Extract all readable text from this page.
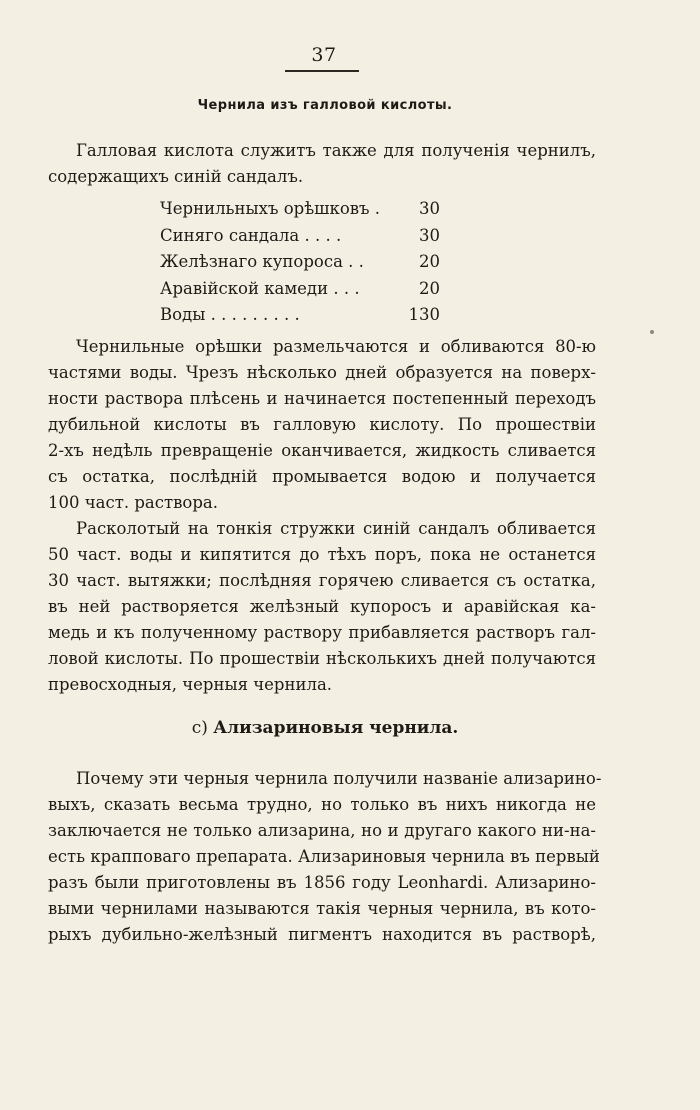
37
Чернила изъ галловой кислоты.
Галловая кислота служитъ также для полученія чернилъ,
содержащихъ синій сандалъ.
Чернильныхъ орѣшковъ . 30
Синяго сандала . . . .	30
Желѣзнаго купороса . .	20
Аравійской камеди . . .	20
Воды . . . . . . . . .	130
Чернильные орѣшки размельчаются и обливаются 80-ю
частями воды. Чрезъ нѣсколько дней образуется на поверх-
ности раствора плѣсень и начинается постепенный переходъ
дубильной кислоты въ галловую кислоту. По прошествіи
2-хъ недѣль превращеніе оканчивается, жидкость сливается
съ остатка, послѣдній промывается водою и получается
100 част. раствора.
Расколотый на тонкія стружки синій сандалъ обливается
50 част. воды и кипятится до тѣхъ поръ, пока не останется
30 част. вытяжки; послѣдняя горячею сливается съ остатка,
въ ней растворяется желѣзный купоросъ и аравійская ка-
медь и къ полученному раствору прибавляется растворъ гал-
ловой кислоты. По прошествіи нѣсколькихъ дней получаются
превосходныя, черныя чернила.
c) Ализариновыя чернила.
Почему эти черныя чернила получили названіе ализарино-
выхъ, сказать весьма трудно, но только въ нихъ никогда не
заключается не только ализарина, но и другаго какого ни-на-
есть крапповаго препарата. Ализариновыя чернила въ первый
разъ были приготовлены въ 1856 году Leonhardi. Ализарино-
выми чернилами называются такія черныя чернила, въ кото-
рыхъ дубильно-желѣзный пигментъ находится въ растворѣ,
